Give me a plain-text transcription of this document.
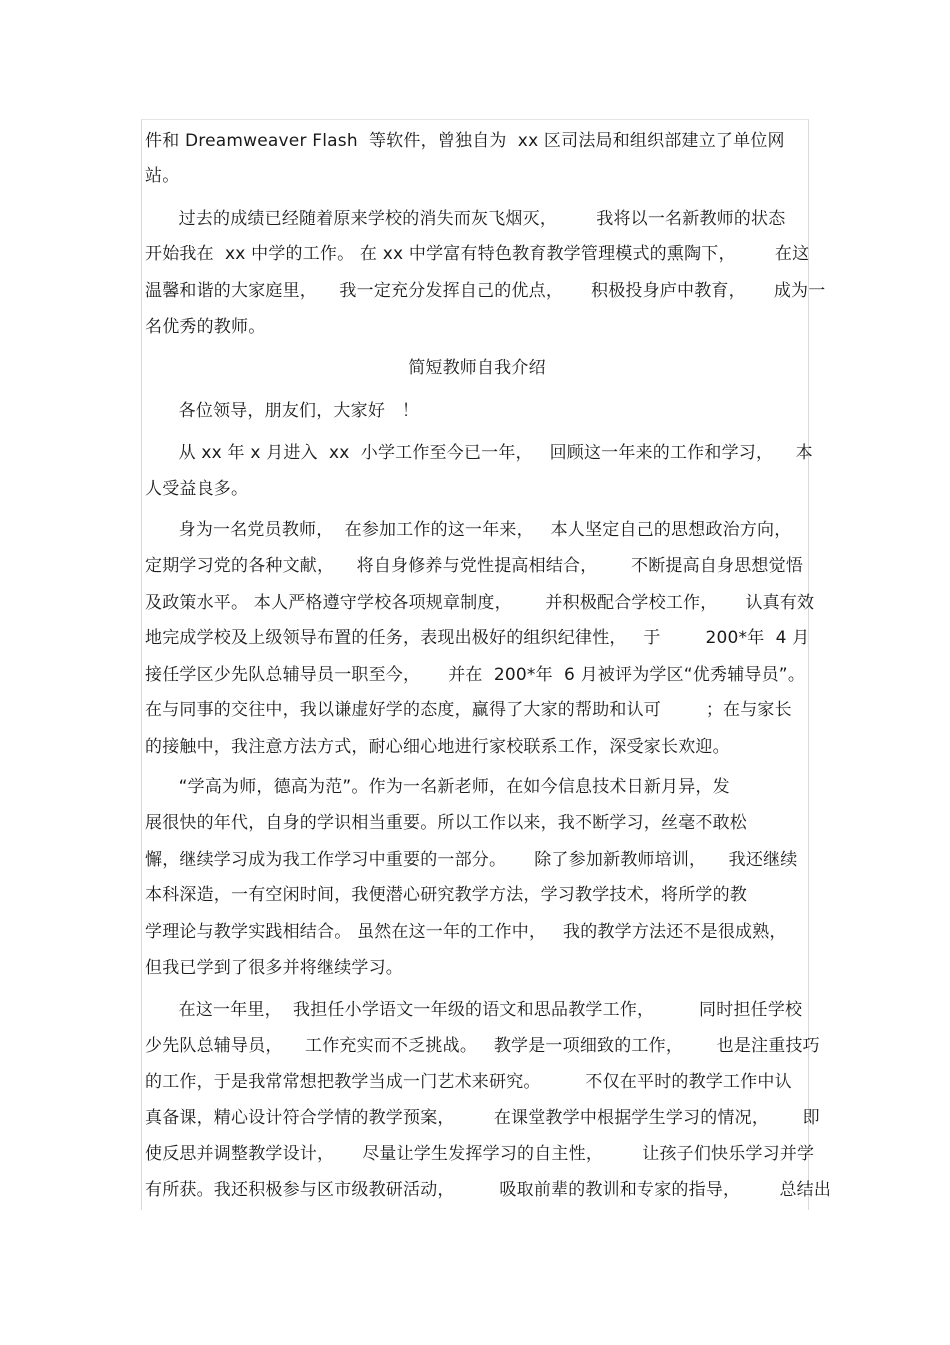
件和 Dreamweaver Flash  等软件，曾独自为  xx 区司法局和组织部建立了单位网
站。
过去的成绩已经随着原来学校的消失而灰飞烟灭，       我将以一名新教师的状态
开始我在  xx 中学的工作。 在 xx 中学富有特色教育教学管理模式的熏陶下，       在这
温馨和谐的大家庭里，    我一定充分发挥自己的优点，     积极投身庐中教育，     成为一
名优秀的教师。
简短教师自我介绍
各位领导，朋友们，大家好   ！
从 xx 年 x 月进入  xx  小学工作至今已一年，   回顾这一年来的工作和学习，    本
人受益良多。
身为一名党员教师，  在参加工作的这一年来，   本人坚定自己的思想政治方向，
定期学习党的各种文献，    将自身修养与党性提高相结合，      不断提高自身思想觉悟
及政策水平。 本人严格遵守学校各项规章制度，      并积极配合学校工作，     认真有效
地完成学校及上级领导布置的任务，表现出极好的组织纪律性，   于        200*年  4 月
接任学区少先队总辅导员一职至今，     并在  200*年  6 月被评为学区“优秀辅导员”。
在与同事的交往中，我以谦虚好学的态度，赢得了大家的帮助和认可        ；在与家长
的接触中，我注意方法方式，耐心细心地进行家校联系工作，深受家长欢迎。
“学高为师，德高为范”。作为一名新老师，在如今信息技术日新月异，发
展很快的年代，自身的学识相当重要。所以工作以来，我不断学习，丝毫不敢松
懈，继续学习成为我工作学习中重要的一部分。     除了参加新教师培训，    我还继续
本科深造，一有空闲时间，我便潜心研究教学方法，学习教学技术，将所学的教
学理论与教学实践相结合。 虽然在这一年的工作中，   我的教学方法还不是很成熟，
但我已学到了很多并将继续学习。
在这一年里，  我担任小学语文一年级的语文和思品教学工作，        同时担任学校
少先队总辅导员，    工作充实而不乏挑战。   教学是一项细致的工作，      也是注重技巧
的工作，于是我常常想把教学当成一门艺术来研究。        不仅在平时的教学工作中认
真备课，精心设计符合学情的教学预案，       在课堂教学中根据学生学习的情况，      即
使反思并调整教学设计，     尽量让学生发挥学习的自主性，       让孩子们快乐学习并学
有所获。我还积极参与区市级教研活动，        吸取前辈的教训和专家的指导，       总结出
